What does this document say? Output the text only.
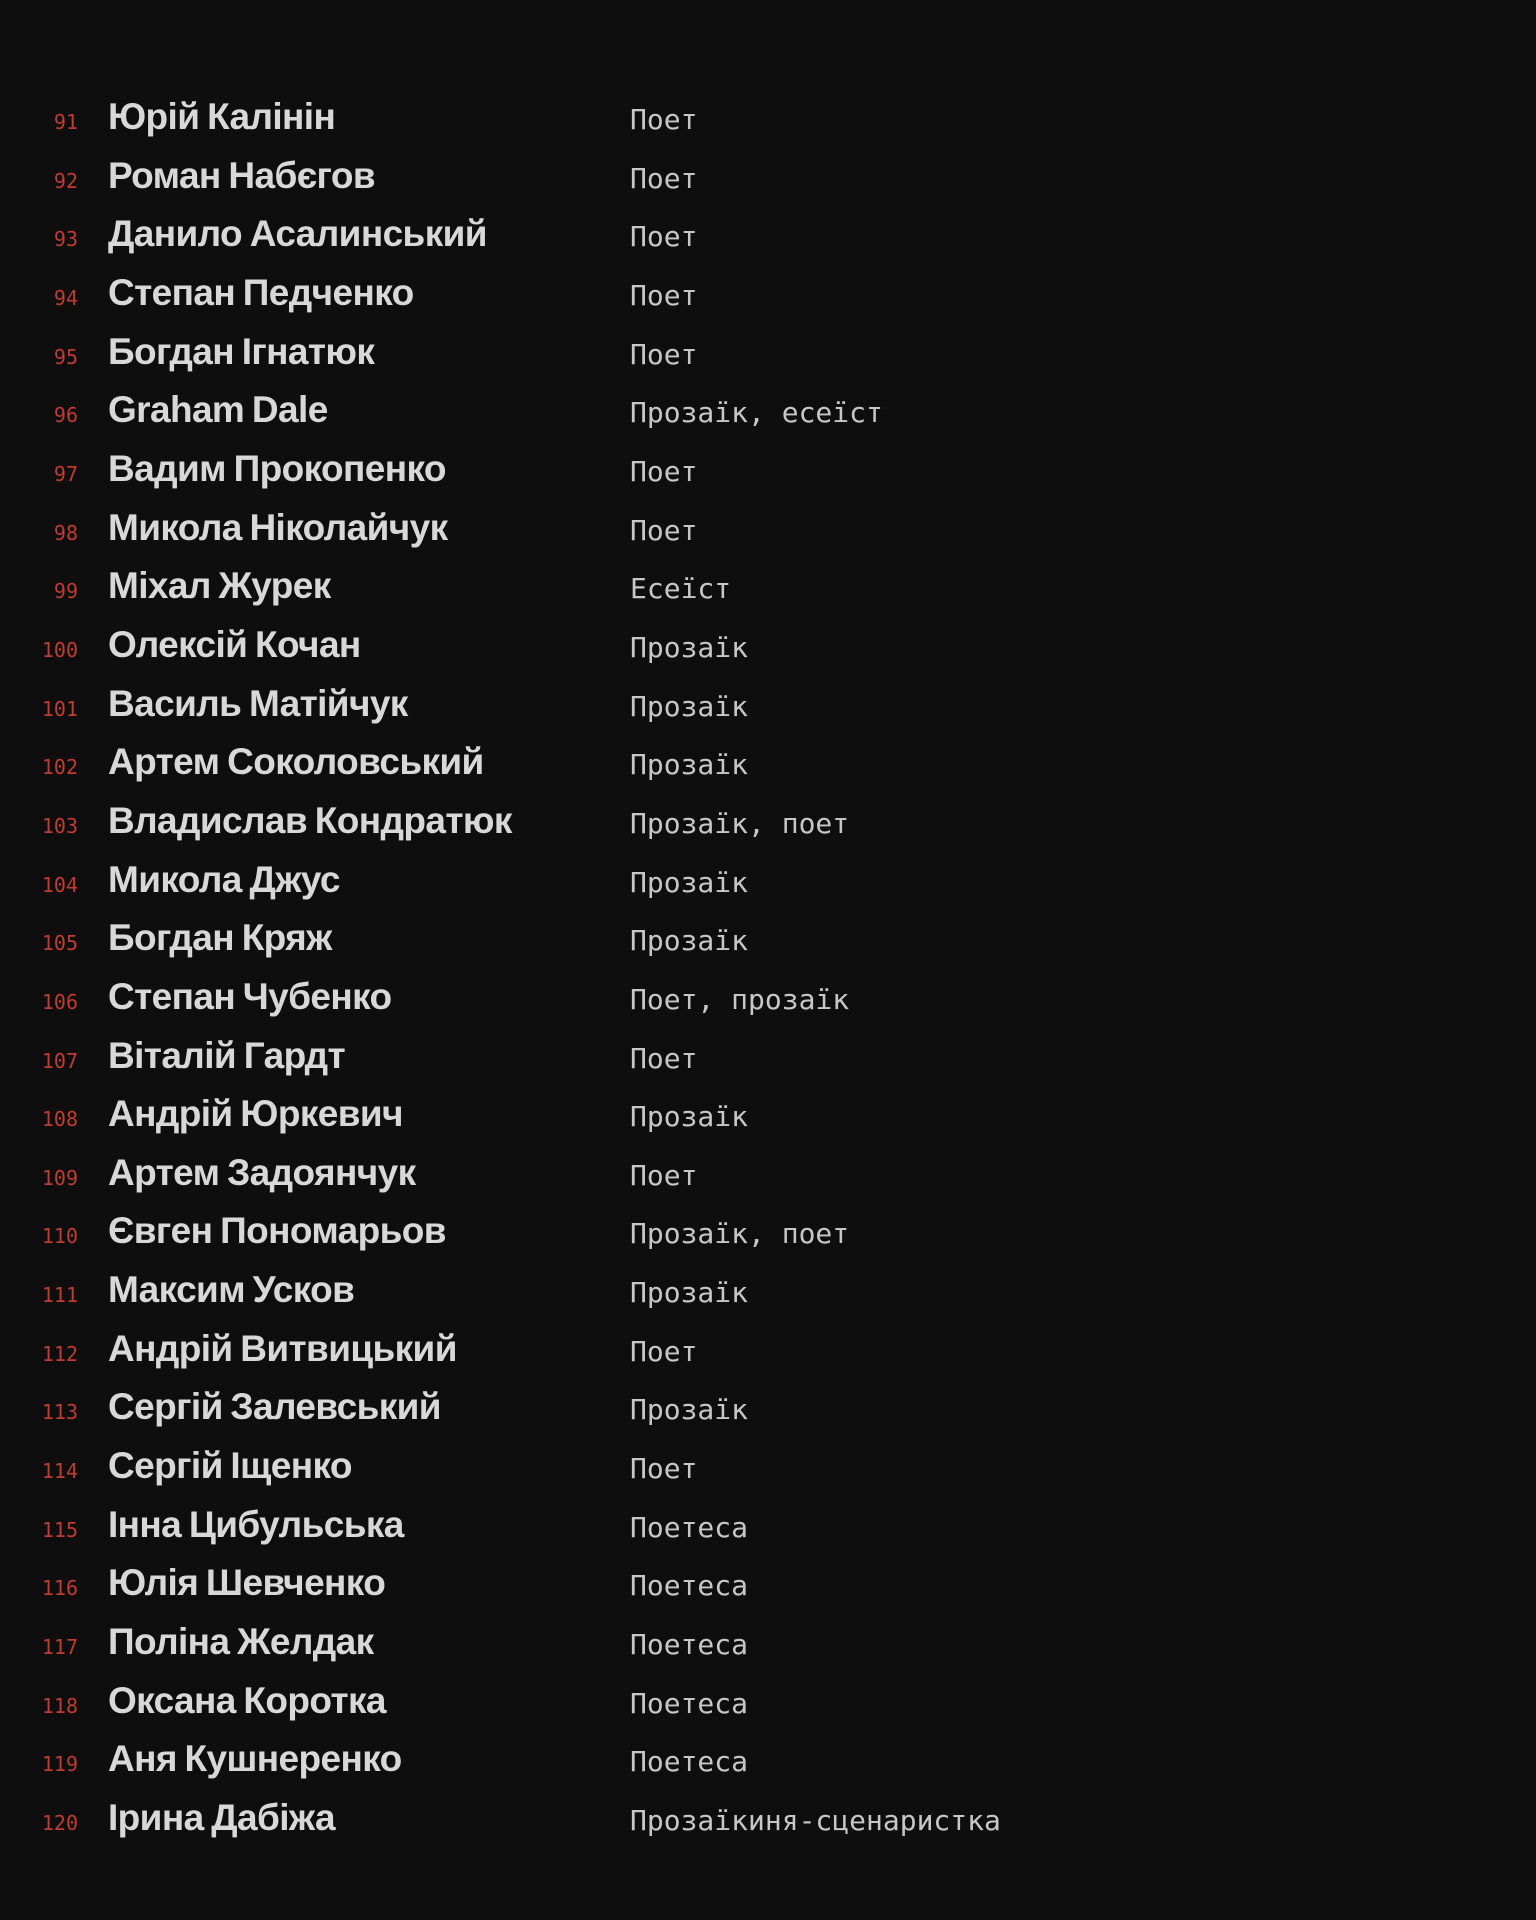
91 Юрій Калінін	Поет
92 Роман Набєгов	Поет
93 Данило Асалинський	Поет
94 Степан Педченко	Поет
95 Богдан Ігнатюк	Поет
96 Graham Dale	Прозаїк, есеїст
97 Вадим Прокопенко	Поет
98 Микола Ніколайчук	Поет
99 Міхал Журек	Есеїст
100 Олексій Кочан	Прозаїк
101 Василь Матійчук	Прозаїк
102 Артем Соколовський	Прозаїк
103 Владислав Кондратюк	Прозаїк, поет
104 Микола Джус	Прозаїк
105 Богдан Кряж	Прозаїк
106 Степан Чубенко	Поет, прозаїк
107 Віталій Гардт	Поет
108 Андрій Юркевич	Прозаїк
109 Артем Задоянчук	Поет
110 Євген Пономарьов	Прозаїк, поет
111 Максим Усков	Прозаїк
112 Андрій Витвицький	Поет
113 Сергій Залевський	Прозаїк
114 Сергій Іщенко	Поет
115 Інна Цибульська	Поетеса
116 Юлія Шевченко	Поетеса
117 Поліна Желдак	Поетеса
118 Оксана Коротка	Поетеса
119 Аня Кушнеренко	Поетеса
120 Ірина Дабіжа	Прозаїкиня-сценаристка
